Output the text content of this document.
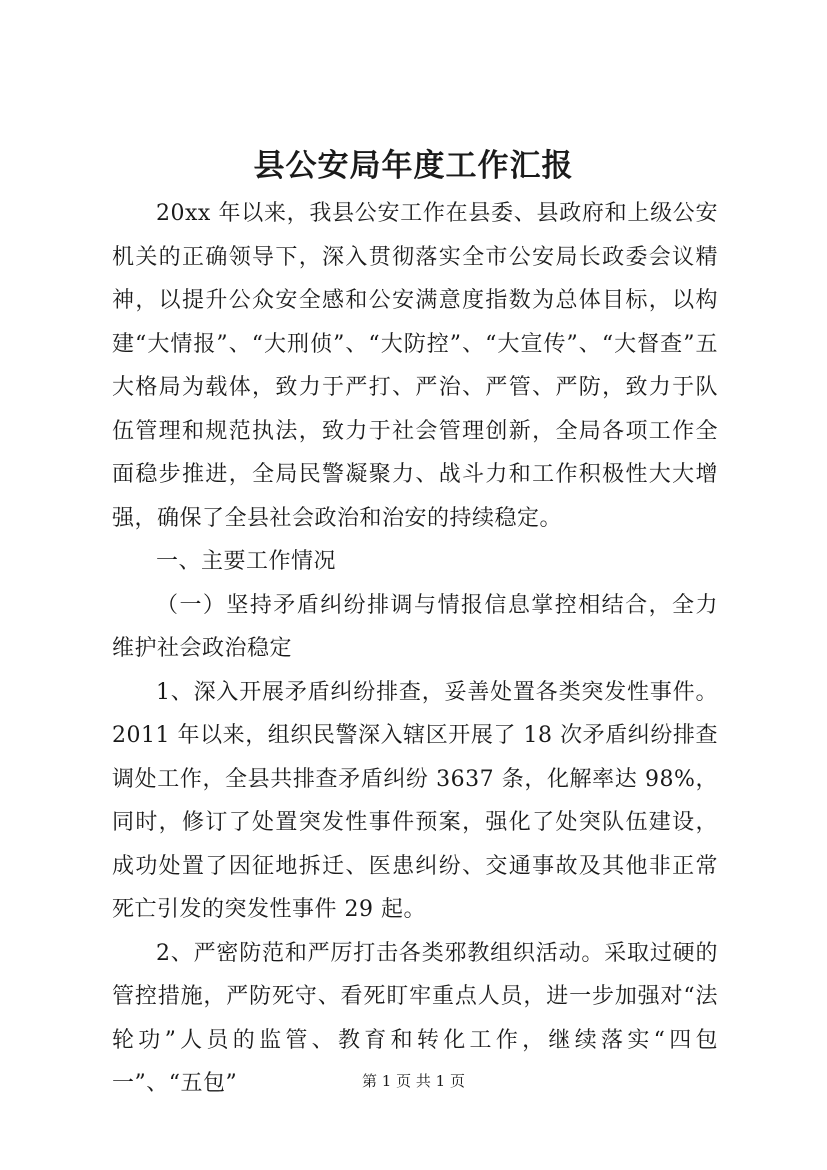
县公安局年度工作汇报

20xx 年以来，我县公安工作在县委、县政府和上级公安机关的正确领导下，深入贯彻落实全市公安局长政委会议精神，以提升公众安全感和公安满意度指数为总体目标，以构建“大情报”、“大刑侦”、“大防控”、“大宣传”、“大督查”五大格局为载体，致力于严打、严治、严管、严防，致力于队伍管理和规范执法，致力于社会管理创新，全局各项工作全面稳步推进，全局民警凝聚力、战斗力和工作积极性大大增强，确保了全县社会政治和治安的持续稳定。

一、主要工作情况

（一）坚持矛盾纠纷排调与情报信息掌控相结合，全力维护社会政治稳定

1、深入开展矛盾纠纷排查，妥善处置各类突发性事件。2011 年以来，组织民警深入辖区开展了 18 次矛盾纠纷排查调处工作，全县共排查矛盾纠纷 3637 条，化解率达 98%，同时，修订了处置突发性事件预案，强化了处突队伍建设，成功处置了因征地拆迁、医患纠纷、交通事故及其他非正常死亡引发的突发性事件 29 起。

2、严密防范和严厉打击各类邪教组织活动。采取过硬的管控措施，严防死守、看死盯牢重点人员，进一步加强对“法轮功”人员的监管、教育和转化工作，继续落实“四包一”、“五包”	第 1 页 共 1 页
